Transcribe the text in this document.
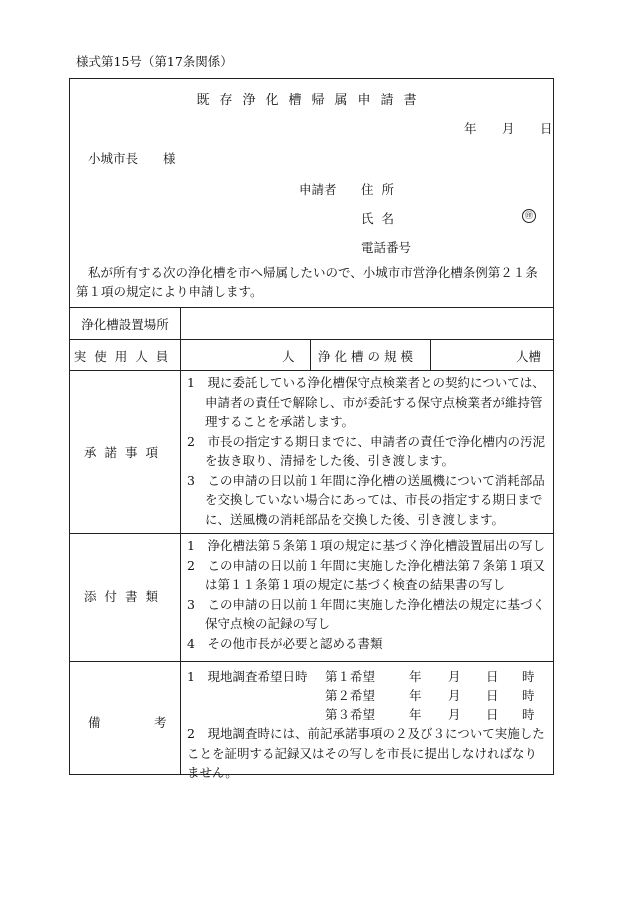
様式第15号（第17条関係）
既存浄化槽帰属申請書
年 月 日
小城市長 様
申請者 住所
氏名	㊞
電話番号
私が所有する次の浄化槽を市へ帰属したいので、小城市市営浄化槽条例第２１条第１項の規定により申請します。
浄化槽設置場所
実使用人員	人 浄化槽の規模	人槽
承諾事項
1　現に委託している浄化槽保守点検業者との契約については、申請者の責任で解除し、市が委託する保守点検業者が維持管理することを承諾します。
2　市長の指定する期日までに、申請者の責任で浄化槽内の汚泥を抜き取り、清掃をした後、引き渡します。
3　この申請の日以前１年間に浄化槽の送風機について消耗部品を交換していない場合にあっては、市長の指定する期日までに、送風機の消耗部品を交換した後、引き渡します。
添付書類
1　浄化槽法第５条第１項の規定に基づく浄化槽設置届出の写し
2　この申請の日以前１年間に実施した浄化槽法第７条第１項又は第１１条第１項の規定に基づく検査の結果書の写し
3　この申請の日以前１年間に実施した浄化槽法の規定に基づく保守点検の記録の写し
4　その他市長が必要と認める書類
備	考
1　現地調査希望日時 第１希望	年 月 日 時
第２希望	年 月 日 時
第３希望	年 月 日 時
2　現地調査時には、前記承諾事項の２及び３について実施したことを証明する記録又はその写しを市長に提出しなければなりません。
